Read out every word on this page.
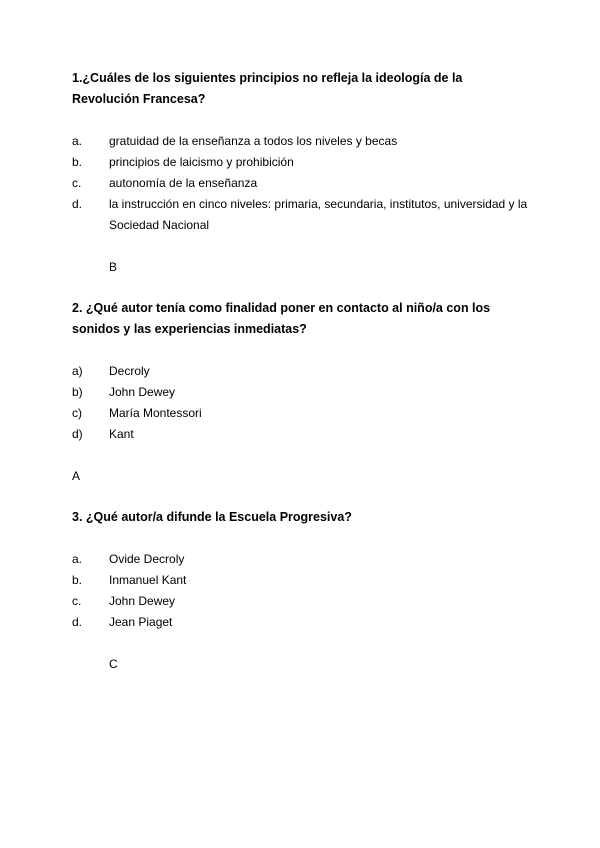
1.¿Cuáles de los siguientes principios no refleja la ideología de la Revolución Francesa?

a.	gratuidad de la enseñanza a todos los niveles y becas
b.	principios de laicismo y prohibición
c.	autonomía de la enseñanza
d.	la instrucción en cinco niveles: primaria, secundaria, institutos, universidad y la Sociedad Nacional
B

2. ¿Qué autor tenía como finalidad poner en contacto al niño/a con los sonidos y las experiencias inmediatas?

a)	Decroly
b)	John Dewey
c)	María Montessori
d)	Kant
A

3. ¿Qué autor/a difunde la Escuela Progresiva?

a.	Ovide Decroly
b.	Inmanuel Kant
c.	John Dewey
d.	Jean Piaget
C
